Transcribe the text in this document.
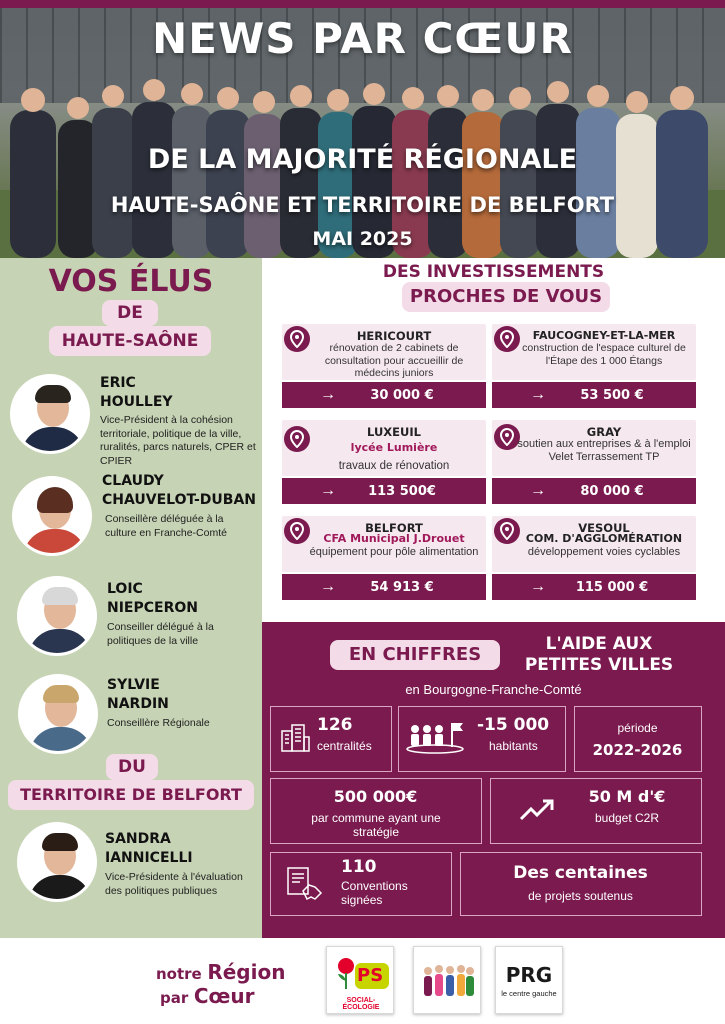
NEWS PAR CŒUR
DE LA MAJORITÉ RÉGIONALE
HAUTE-SAÔNE ET TERRITOIRE DE BELFORT
MAI 2025
VOS ÉLUS
DE
HAUTE-SAÔNE
ERIC
HOULLEY
Vice-Président à la cohésion territoriale, politique de la ville, ruralités, parcs naturels, CPER et CPIER
CLAUDY
CHAUVELOT-DUBAN
Conseillère déléguée à la culture en Franche-Comté
LOIC
NIEPCERON
Conseiller délégué à la politiques de la ville
SYLVIE
NARDIN
Conseillère Régionale
DU
TERRITOIRE DE BELFORT
SANDRA
IANNICELLI
Vice-Présidente à l'évaluation des politiques publiques
DES INVESTISSEMENTS
PROCHES DE VOUS
HERICOURT
rénovation de 2 cabinets de consultation pour accueillir de médecins juniors
→	30 000 €
FAUCOGNEY-ET-LA-MER
construction de l'espace culturel de l'Étape des 1 000 Étangs
→	53 500 €
LUXEUIL
lycée Lumière
travaux de rénovation
→	113 500€
GRAY
soutien aux entreprises & à l'emploi Velet Terrassement TP
→	80 000 €
BELFORT
CFA Municipal J.Drouet
équipement pour pôle alimentation
→	54 913 €
VESOUL
COM. D'AGGLOMÉRATION
développement voies cyclables
→	115 000 €
EN CHIFFRES	L'AIDE AUX
PETITES VILLES
en Bourgogne-Franche-Comté
126
centralités
-15 000
habitants
période
2022-2026
500 000€
par commune ayant une stratégie
50 M d'€
budget C2R
110
Conventions signées
Des centaines
de projets soutenus
notre Région
par Cœur
PS
SOCIAL-ÉCOLOGIE
PRG
le centre gauche
